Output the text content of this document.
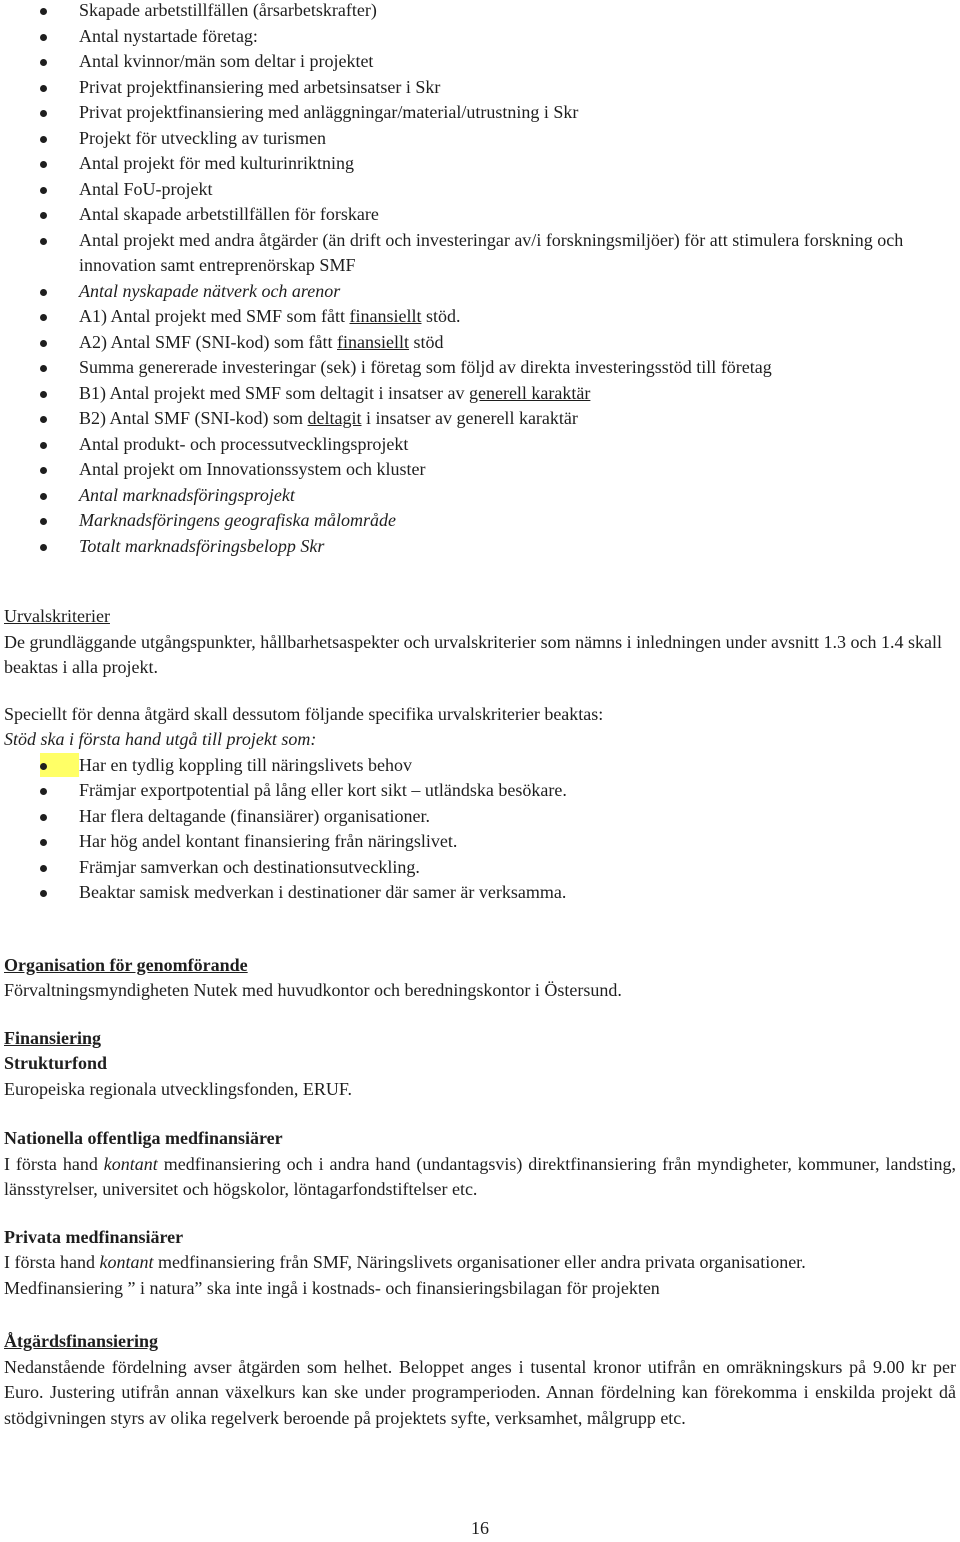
Skapade arbetstillfällen (årsarbetskrafter)
Antal nystartade företag:
Antal kvinnor/män som deltar i projektet
Privat projektfinansiering med arbetsinsatser i Skr
Privat projektfinansiering med anläggningar/material/utrustning i Skr
Projekt för utveckling av turismen
Antal projekt för med kulturinriktning
Antal FoU-projekt
Antal skapade arbetstillfällen för forskare
Antal projekt med andra åtgärder (än drift och investeringar av/i forskningsmiljöer) för att stimulera forskning och innovation samt entreprenörskap SMF
Antal nyskapade nätverk och arenor
A1) Antal projekt med SMF som fått finansiellt stöd.
A2) Antal SMF (SNI-kod) som fått finansiellt stöd
Summa genererade investeringar (sek) i företag som följd av direkta investeringsstöd till företag
B1) Antal projekt med SMF som deltagit i insatser av generell karaktär
B2) Antal SMF (SNI-kod) som deltagit i insatser av generell karaktär
Antal produkt- och processutvecklingsprojekt
Antal projekt om Innovationssystem och kluster
Antal marknadsföringsprojekt
Marknadsföringens geografiska målområde
Totalt marknadsföringsbelopp Skr

Urvalskriterier

De grundläggande utgångspunkter, hållbarhetsaspekter och urvalskriterier som nämns i inledningen under avsnitt 1.3 och 1.4 skall beaktas i alla projekt.

Speciellt för denna åtgärd skall dessutom följande specifika urvalskriterier beaktas:

Stöd ska i första hand utgå till projekt som:

Har en tydlig koppling till näringslivets behov
Främjar exportpotential på lång eller kort sikt – utländska besökare.
Har flera deltagande (finansiärer) organisationer.
Har hög andel kontant finansiering från näringslivet.
Främjar samverkan och destinationsutveckling.
Beaktar samisk medverkan i destinationer där samer är verksamma.

Organisation för genomförande

Förvaltningsmyndigheten Nutek med huvudkontor och beredningskontor i Östersund.

Finansiering

Strukturfond

Europeiska regionala utvecklingsfonden, ERUF.

Nationella offentliga medfinansiärer

I första hand kontant medfinansiering och i andra hand (undantagsvis) direktfinansiering från myndigheter, kommuner, landsting, länsstyrelser, universitet och högskolor, löntagarfondstiftelser etc.

Privata medfinansiärer

I första hand kontant medfinansiering från SMF, Näringslivets organisationer eller andra privata organisationer.

Medfinansiering ” i natura” ska inte ingå i kostnads- och finansieringsbilagan för projekten

Åtgärdsfinansiering

Nedanstående fördelning avser åtgärden som helhet. Beloppet anges i tusental kronor utifrån en omräkningskurs på 9.00 kr per Euro. Justering utifrån annan växelkurs kan ske under programperioden. Annan fördelning kan förekomma i enskilda projekt då stödgivningen styrs av olika regelverk beroende på projektets syfte, verksamhet, målgrupp etc.

16
